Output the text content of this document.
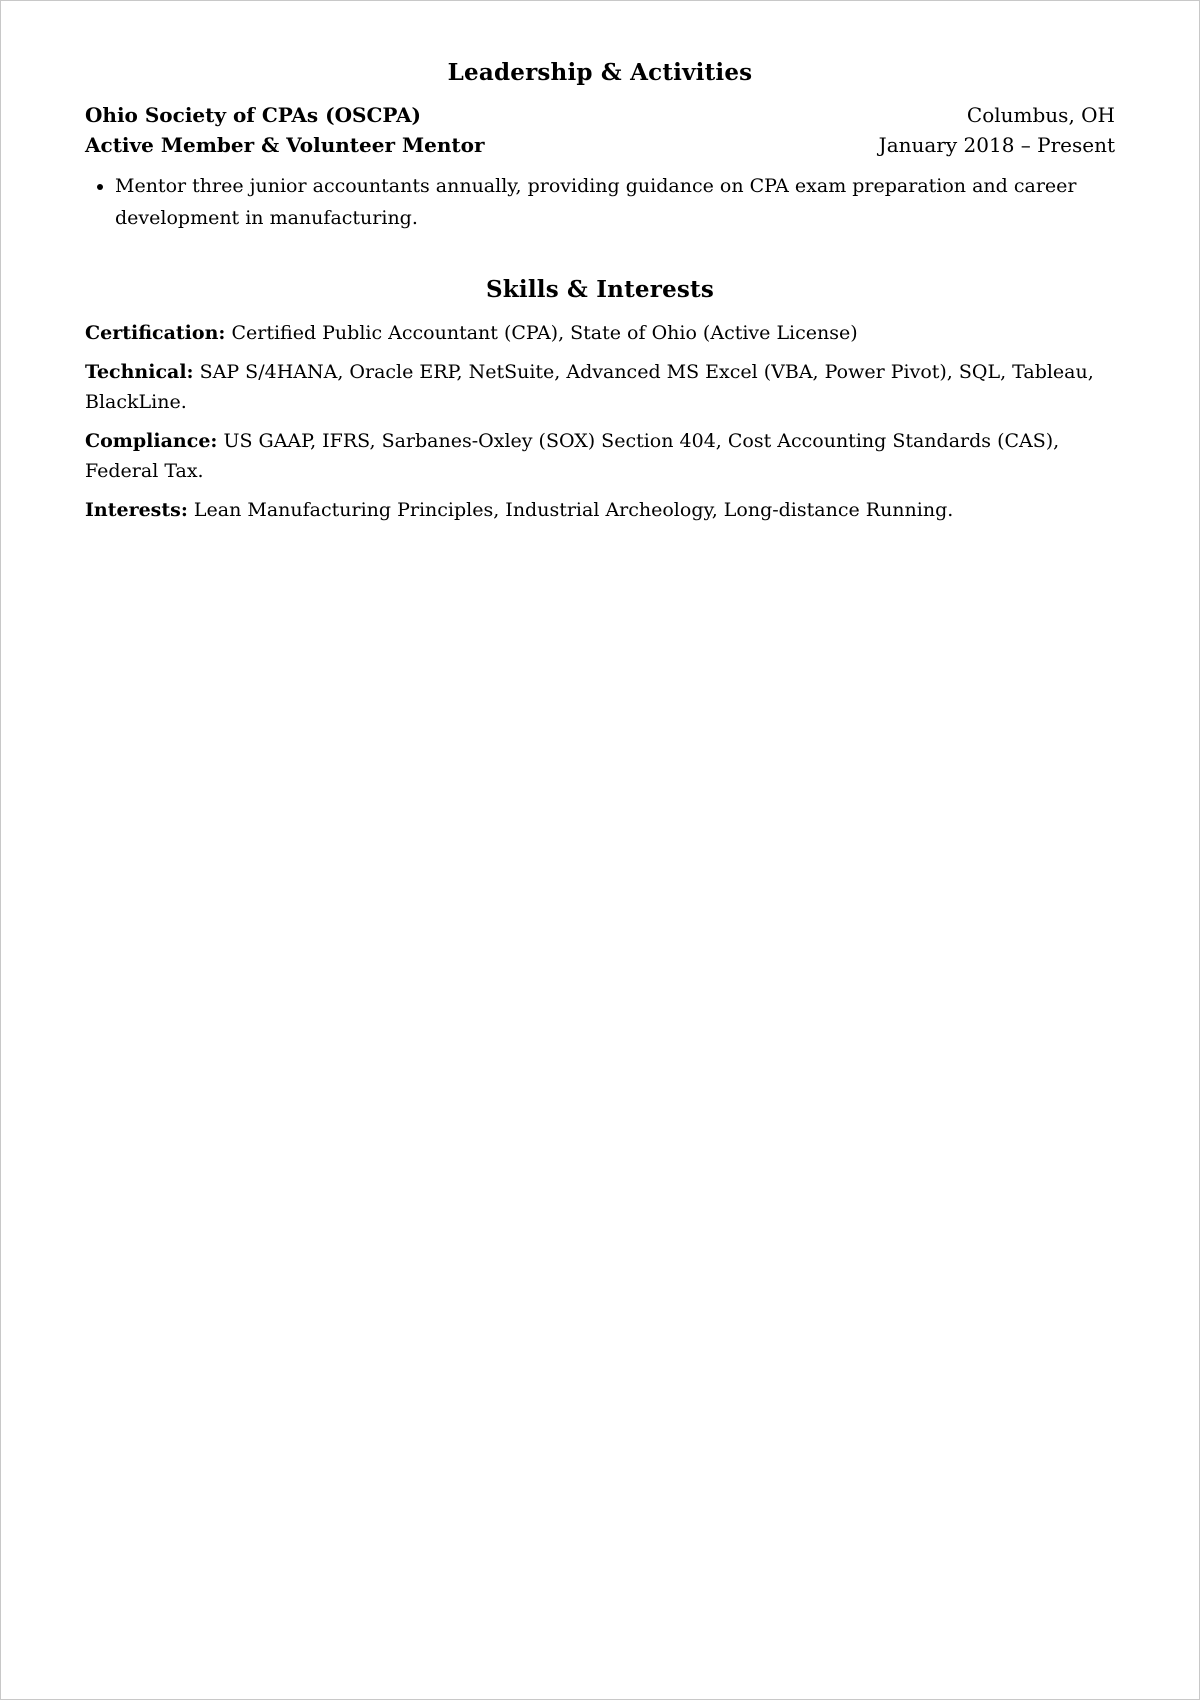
Leadership & Activities
Ohio Society of CPAs (OSCPA)	Columbus, OH
Active Member & Volunteer Mentor	January 2018 – Present
• Mentor three junior accountants annually, providing guidance on CPA exam preparation and career development in manufacturing.
Skills & Interests

Certification: Certified Public Accountant (CPA), State of Ohio (Active License)

Technical: SAP S/4HANA, Oracle ERP, NetSuite, Advanced MS Excel (VBA, Power Pivot), SQL, Tableau, BlackLine.

Compliance: US GAAP, IFRS, Sarbanes-Oxley (SOX) Section 404, Cost Accounting Standards (CAS), Federal Tax.

Interests: Lean Manufacturing Principles, Industrial Archeology, Long-distance Running.
